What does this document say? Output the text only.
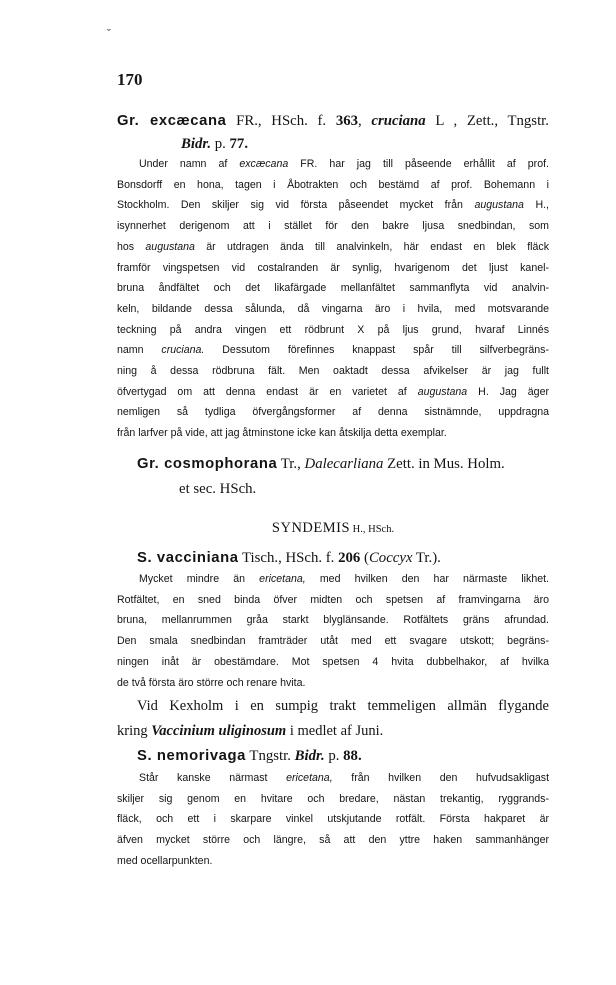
˘
170
Gr. excæcana FR., HSch. f. 363, cruciana L , Zett., Tngstr.
Bidr. p. 77.
Under namn af excæcana FR. har jag till påseende erhållit af prof.
Bonsdorff en hona, tagen i Åbotrakten och bestämd af prof. Bohemann i
Stockholm. Den skiljer sig vid första påseendet mycket från augustana H.,
isynnerhet derigenom att i stället för den bakre ljusa snedbindan, som
hos augustana är utdragen ända till analvinkeln, här endast en blek fläck
framför vingspetsen vid costalranden är synlig, hvarigenom det ljust kanel-
bruna åndfältet och det likafärgade mellanfältet sammanflyta vid analvin-
keln, bildande dessa sålunda, då vingarna äro i hvila, med motsvarande
teckning på andra vingen ett rödbrunt X på ljus grund, hvaraf Linnés
namn cruciana. Dessutom förefinnes knappast spår till silfverbegräns-
ning å dessa rödbruna fält. Men oaktadt dessa afvikelser är jag fullt
öfvertygad om att denna endast är en varietet af augustana H. Jag äger
nemligen så tydliga öfvergångsformer af denna sistnämnde, uppdragna
från larfver på vide, att jag åtminstone icke kan åtskilja detta exemplar.
Gr. cosmophorana Tr., Dalecarliana Zett. in Mus. Holm.
et sec. HSch.
SYNDEMIS H., HSch.
S. vacciniana Tisch., HSch. f. 206 (Coccyx Tr.).
Mycket mindre än ericetana, med hvilken den har närmaste likhet.
Rotfältet, en sned binda öfver midten och spetsen af framvingarna äro
bruna, mellanrummen gråa starkt blyglänsande. Rotfältets gräns afrundad.
Den smala snedbindan framträder utåt med ett svagare utskott; begräns-
ningen inåt är obestämdare. Mot spetsen 4 hvita dubbelhakor, af hvilka
de två första äro större och renare hvita.
Vid Kexholm i en sumpig trakt temmeligen allmän flygande
kring Vaccinium uliginosum i medlet af Juni.
S. nemorivaga Tngstr. Bidr. p. 88.
Står kanske närmast ericetana, från hvilken den hufvudsakligast
skiljer sig genom en hvitare och bredare, nästan trekantig, ryggrands-
fläck, och ett i skarpare vinkel utskjutande rotfält. Första hakparet är
äfven mycket större och längre, så att den yttre haken sammanhänger
med ocellarpunkten.
